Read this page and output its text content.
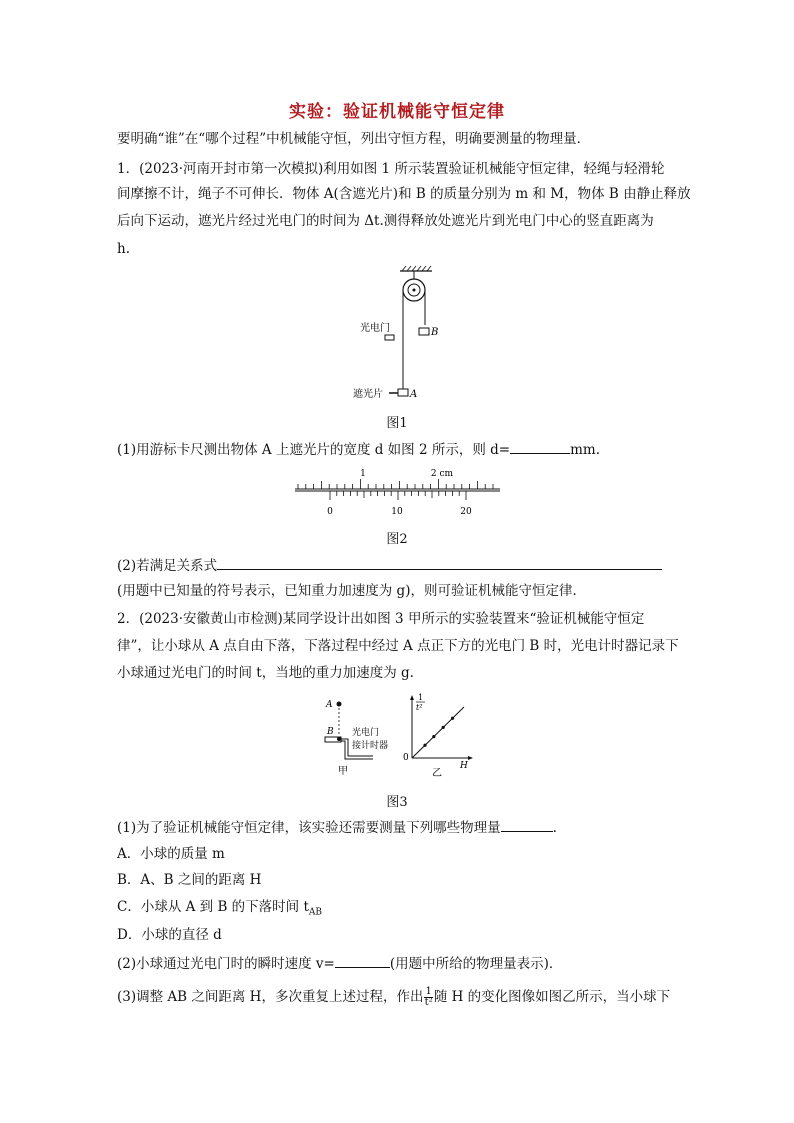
实验：验证机械能守恒定律
要明确“谁”在“哪个过程”中机械能守恒，列出守恒方程，明确要测量的物理量．
1．(2023·河南开封市第一次模拟)利用如图 1 所示装置验证机械能守恒定律，轻绳与轻滑轮
间摩擦不计，绳子不可伸长．物体 A(含遮光片)和 B 的质量分别为 m 和 M，物体 B 由静止释放
后向下运动，遮光片经过光电门的时间为 Δt.测得释放处遮光片到光电门中心的竖直距离为
h.
B
A
光电门
遮光片
图1
(1)用游标卡尺测出物体 A 上遮光片的宽度 d 如图 2 所示，则 d=	mm.
1	2 cm
0	10	20
图2
(2)若满足关系式
(用题中已知量的符号表示，已知重力加速度为 g)，则可验证机械能守恒定律．
2．(2023·安徽黄山市检测)某同学设计出如图 3 甲所示的实验装置来“验证机械能守恒定
律”，让小球从 A 点自由下落，下落过程中经过 A 点正下方的光电门 B 时，光电计时器记录下
小球通过光电门的时间 t，当地的重力加速度为 g.
A
B 光电门
接计时器
甲
1
t²
H
0
乙
图3
(1)为了验证机械能守恒定律，该实验还需要测量下列哪些物理量	.
A．小球的质量 m
B．A、B 之间的距离 H
C．小球从 A 到 B 的下落时间 $t_{AB}$
D．小球的直径 d
(2)小球通过光电门时的瞬时速度 v=	(用题中所给的物理量表示)．
(3)调整 AB 之间距离 H，多次重复上述过程，作出 $\frac{1}{\text{t²}}$ 随 H 的变化图像如图乙所示，当小球下
